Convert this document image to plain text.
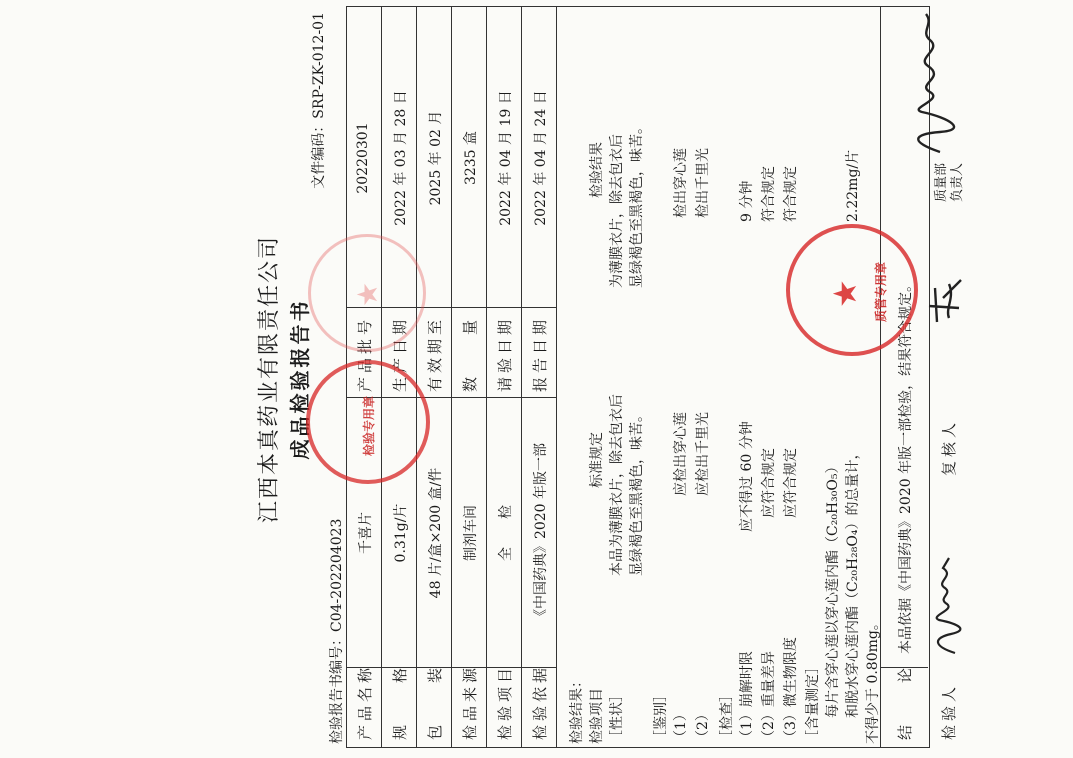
江西本真药业有限责任公司 成品检验报告书
文件编码：SRP-ZK-012-01
检验报告书编号：C04-202204023 产品名称
千喜片
产品批号
20220301
规　　格
0.31g/片
生产日期
2022 年 03 月 28 日
包　　装
48 片/盒×200 盒/件
有效期至
2025 年 02 月
检品来源
制剂车间
数　　量
3235 盒
检验项目
全　　检
请验日期
2022 年 04 月 19 日
检验依据
《中国药典》2020 年版一部
报告日期
2022 年 04 月 24 日
检验结果： 检验项目
标准规定
检验结果
［性状］
本品为薄膜衣片，除去包衣后 显绿褐色至黑褐色，味苦。
为薄膜衣片，除去包衣后 显绿褐色至黑褐色，味苦。
［鉴别］ （1）
应检出穿心莲
检出穿心莲
（2）
应检出千里光
检出千里光
［检查］ （1）崩解时限
应不得过 60 分钟
9 分钟
（2）重量差异
应符合规定
符合规定
（3）微生物限度
应符合规定
符合规定
［含量测定］ 每片含穿心莲以穿心莲内酯（C₂₀H₃₀O₅） 和脱水穿心莲内酯（C₂₀H₂₈O₄）的总量计， 不得少于 0.80mg。
2.22mg/片
结　　论
本品依据《中国药典》2020 年版一部检验，结果符合规定。
检验人
复核人
质量部 负责人
检验专用章
★	★ 质管专用章
